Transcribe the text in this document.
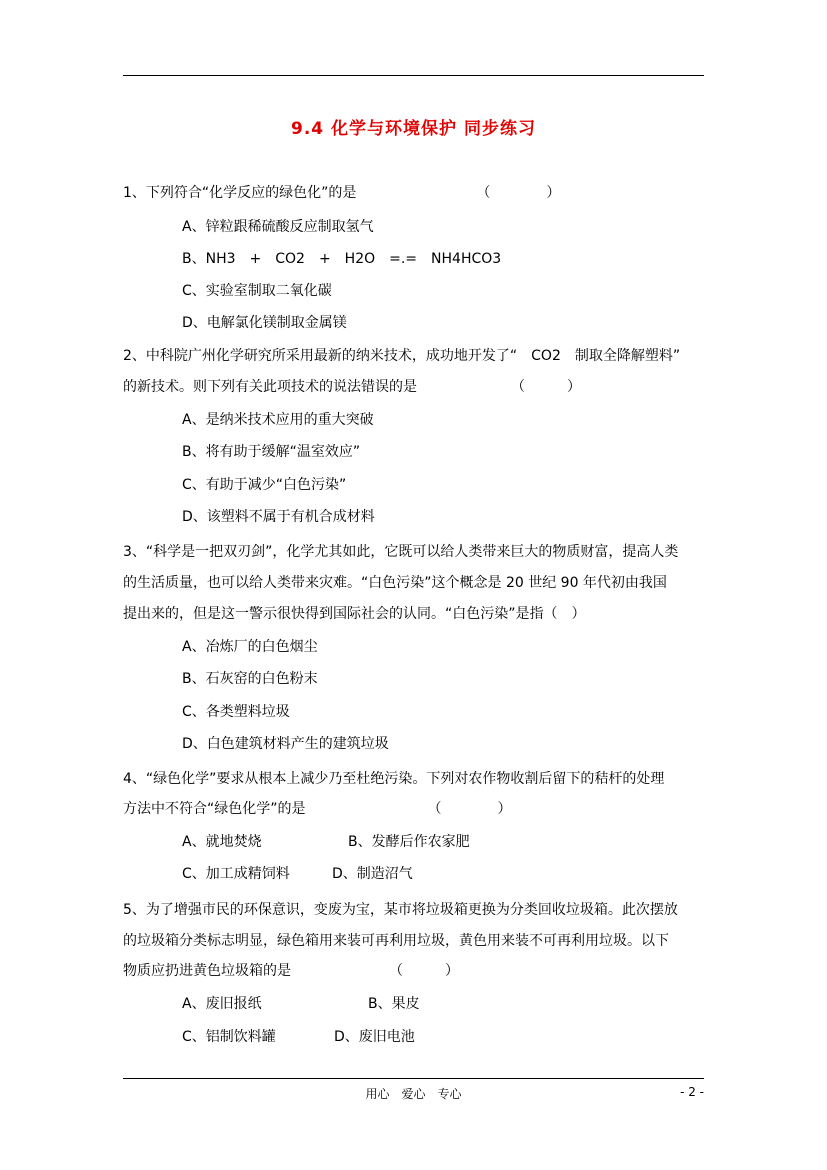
9.4 化学与环境保护 同步练习
1、下列符合“化学反应的绿色化”的是	（　　　　）
A、锌粒跟稀硫酸反应制取氢气
B、NH3　+　CO2　+　H2O　=.=　NH4HCO3
C、实验室制取二氧化碳
D、电解氯化镁制取金属镁
2、中科院广州化学研究所采用最新的纳米技术，成功地开发了“　CO2　制取全降解塑料”
的新技术。则下列有关此项技术的说法错误的是	（　　　）
A、是纳米技术应用的重大突破
B、将有助于缓解“温室效应”
C、有助于减少“白色污染”
D、该塑料不属于有机合成材料
3、“科学是一把双刃剑”，化学尤其如此，它既可以给人类带来巨大的物质财富，提高人类
的生活质量，也可以给人类带来灾难。“白色污染”这个概念是 20 世纪 90 年代初由我国
提出来的，但是这一警示很快得到国际社会的认同。“白色污染”是指（　）
A、冶炼厂的白色烟尘
B、石灰窑的白色粉末
C、各类塑料垃圾
D、白色建筑材料产生的建筑垃圾
4、“绿色化学”要求从根本上减少乃至杜绝污染。下列对农作物收割后留下的秸杆的处理
方法中不符合“绿色化学”的是	（　　　　）
A、就地焚烧	B、发酵后作农家肥
C、加工成精饲料	D、制造沼气
5、为了增强市民的环保意识，变废为宝，某市将垃圾箱更换为分类回收垃圾箱。此次摆放
的垃圾箱分类标志明显，绿色箱用来装可再利用垃圾，黄色用来装不可再利用垃圾。以下
物质应扔进黄色垃圾箱的是	（　　　）
A、废旧报纸	B、果皮
C、铝制饮料罐	D、废旧电池
用心　爱心　专心	- 2 -
